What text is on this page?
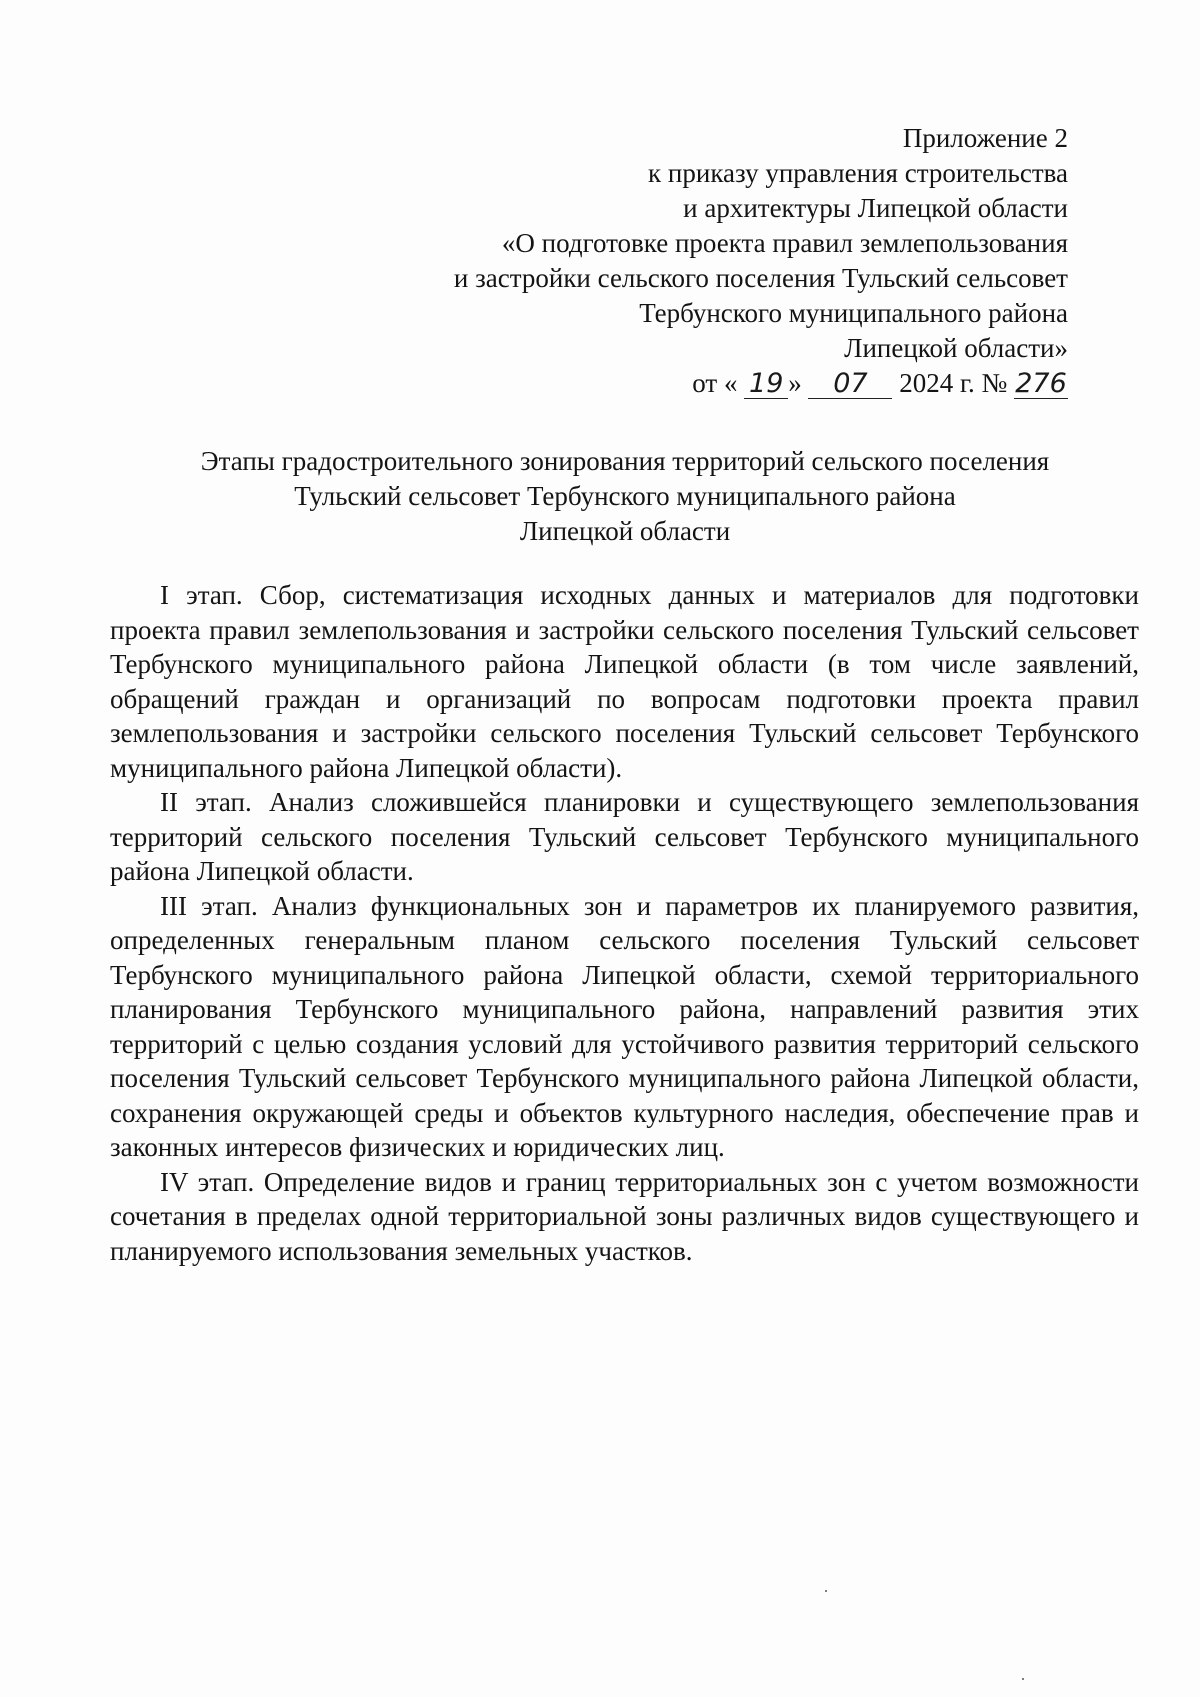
Приложение 2
к приказу управления строительства
и архитектуры Липецкой области
«О подготовке проекта правил землепользования
и застройки сельского поселения Тульский сельсовет
Тербунского муниципального района
Липецкой области»
от « 19 » 07 2024 г. № 276
Этапы градостроительного зонирования территорий сельского поселения
Тульский сельсовет Тербунского муниципального района
Липецкой области

I этап. Сбор, систематизация исходных данных и материалов для подготовки проекта правил землепользования и застройки сельского поселения Тульский сельсовет Тербунского муниципального района Липецкой области (в том числе заявлений, обращений граждан и организаций по вопросам подготовки проекта правил землепользования и застройки сельского поселения Тульский сельсовет Тербунского муниципального района Липецкой области).

II этап. Анализ сложившейся планировки и существующего землепользования территорий сельского поселения Тульский сельсовет Тербунского муниципального района Липецкой области.

III этап. Анализ функциональных зон и параметров их планируемого развития, определенных генеральным планом сельского поселения Тульский сельсовет Тербунского муниципального района Липецкой области, схемой территориального планирования Тербунского муниципального района, направлений развития этих территорий с целью создания условий для устойчивого развития территорий сельского поселения Тульский сельсовет Тербунского муниципального района Липецкой области, сохранения окружающей среды и объектов культурного наследия, обеспечение прав и законных интересов физических и юридических лиц.

IV этап. Определение видов и границ территориальных зон с учетом возможности сочетания в пределах одной территориальной зоны различных видов существующего и планируемого использования земельных участков.
